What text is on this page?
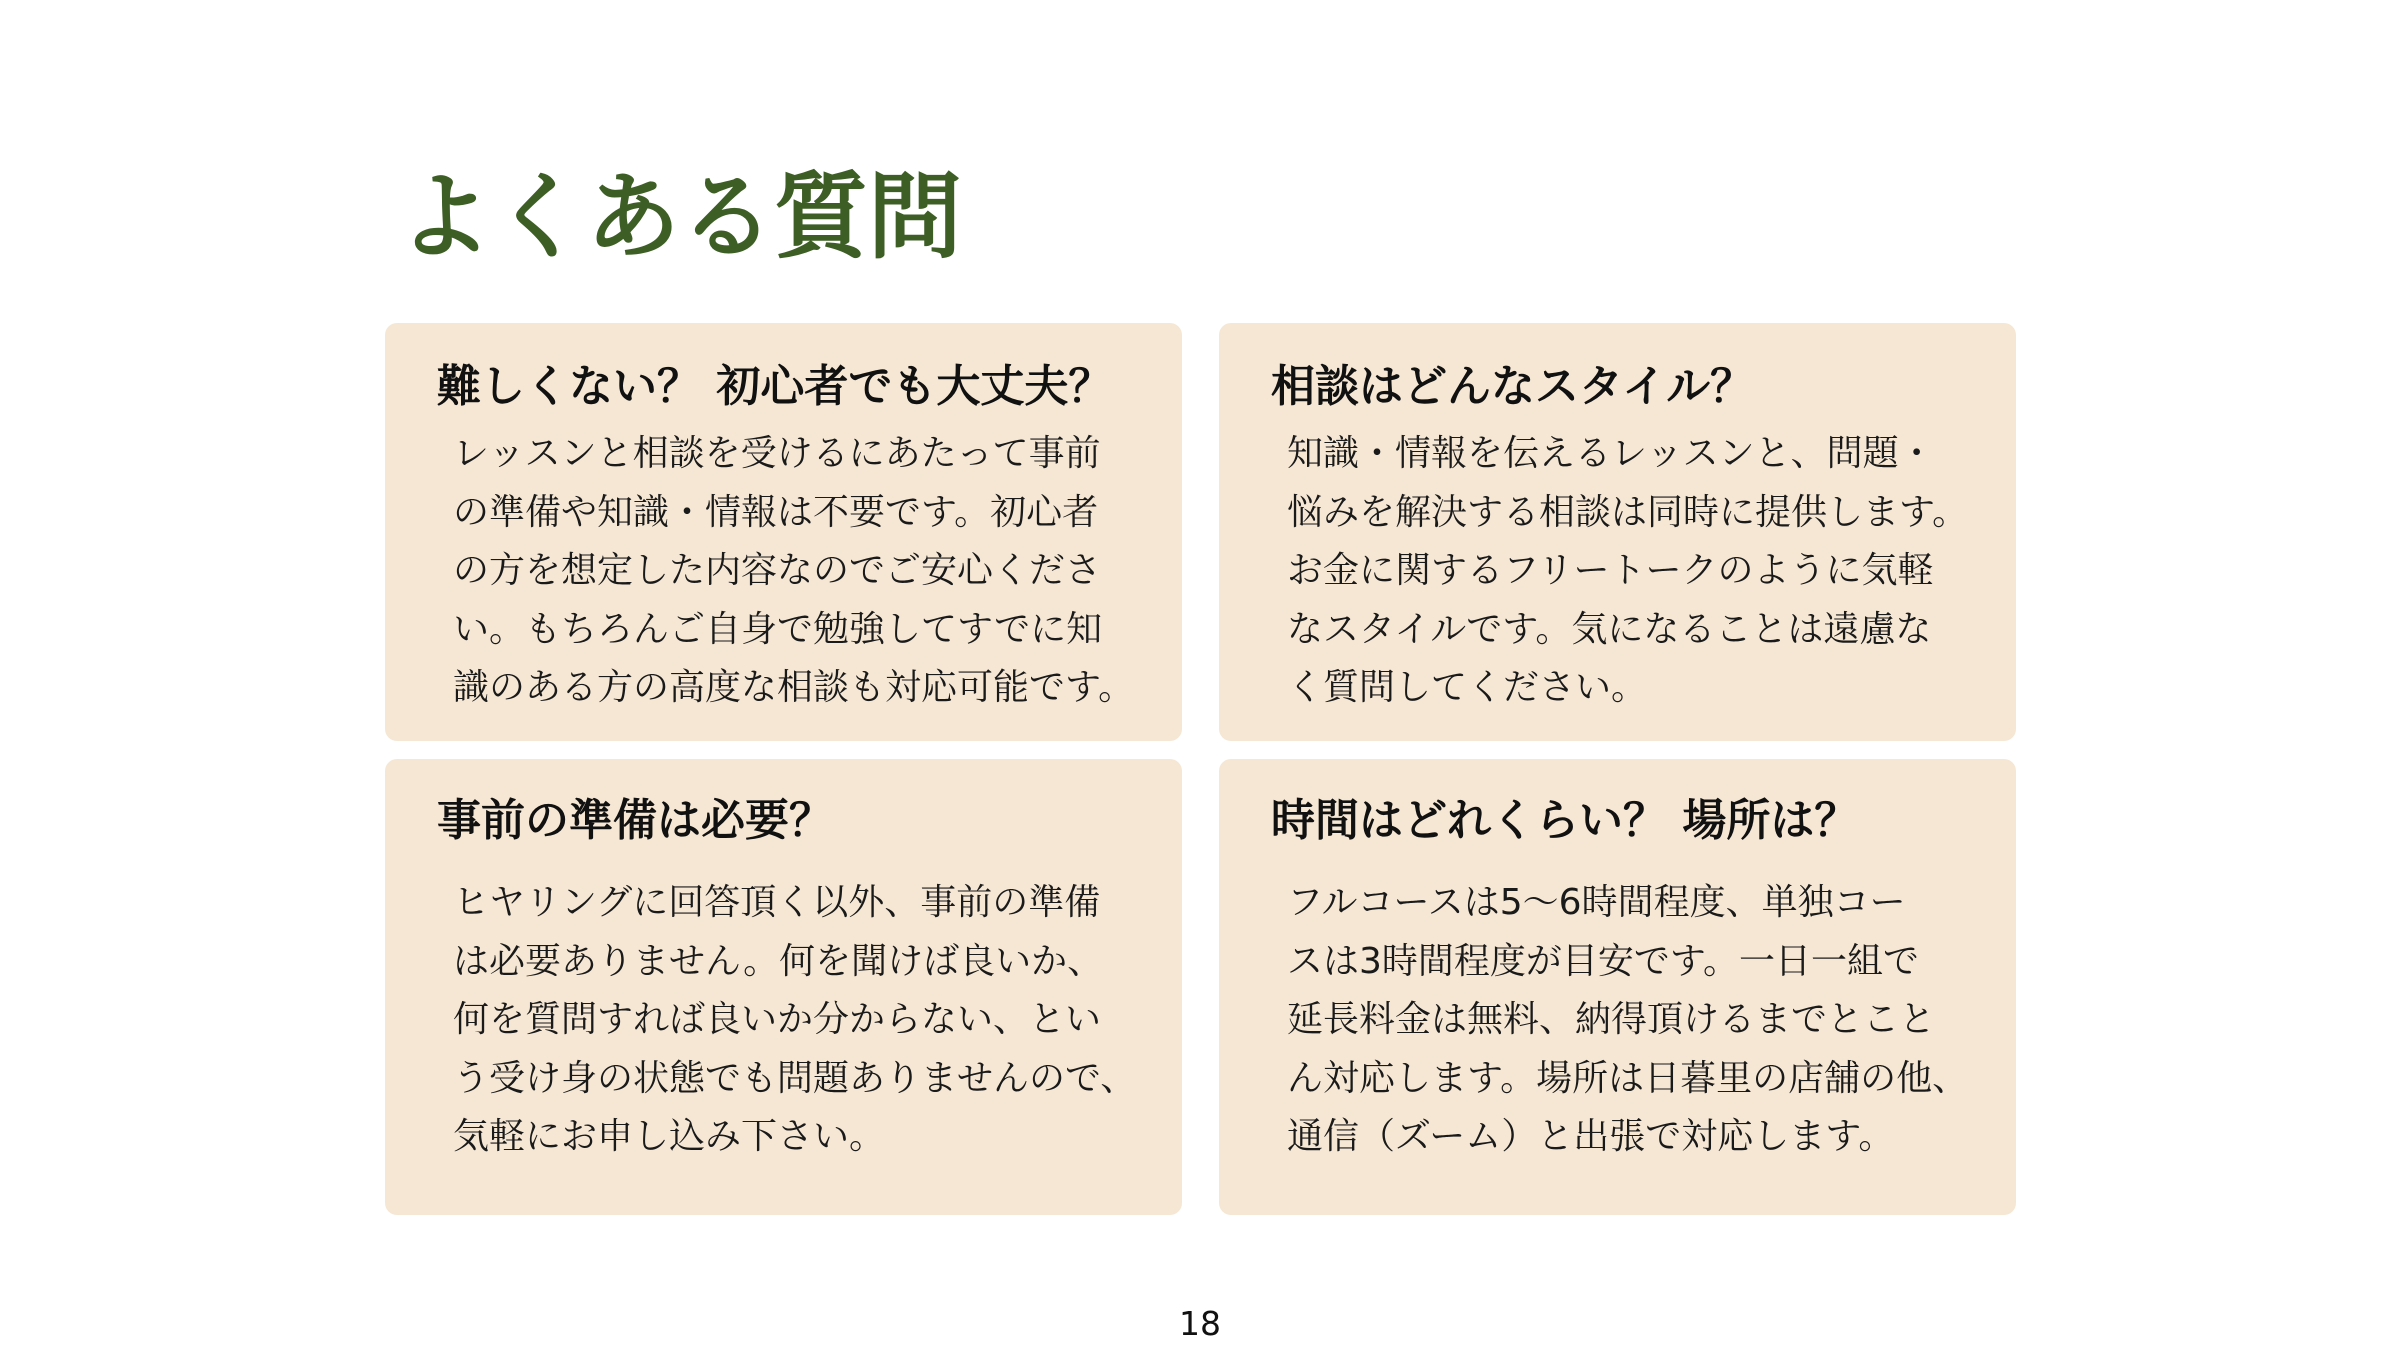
よくある質問
難しくない？ 初心者でも大丈夫？

レッスンと相談を受けるにあたって事前
の準備や知識・情報は不要です。初心者
の方を想定した内容なのでご安心くださ
い。もちろんご自身で勉強してすでに知
識のある方の高度な相談も対応可能です。

相談はどんなスタイル？

知識・情報を伝えるレッスンと、問題・
悩みを解決する相談は同時に提供します。
お金に関するフリートークのように気軽
なスタイルです。気になることは遠慮な
く質問してください。

事前の準備は必要？

ヒヤリングに回答頂く以外、事前の準備
は必要ありません。何を聞けば良いか、
何を質問すれば良いか分からない、とい
う受け身の状態でも問題ありませんので、
気軽にお申し込み下さい。

時間はどれくらい？ 場所は？

フルコースは5～6時間程度、単独コー
スは3時間程度が目安です。一日一組で
延長料金は無料、納得頂けるまでとこと
ん対応します。場所は日暮里の店舗の他、
通信（ズーム）と出張で対応します。

18
